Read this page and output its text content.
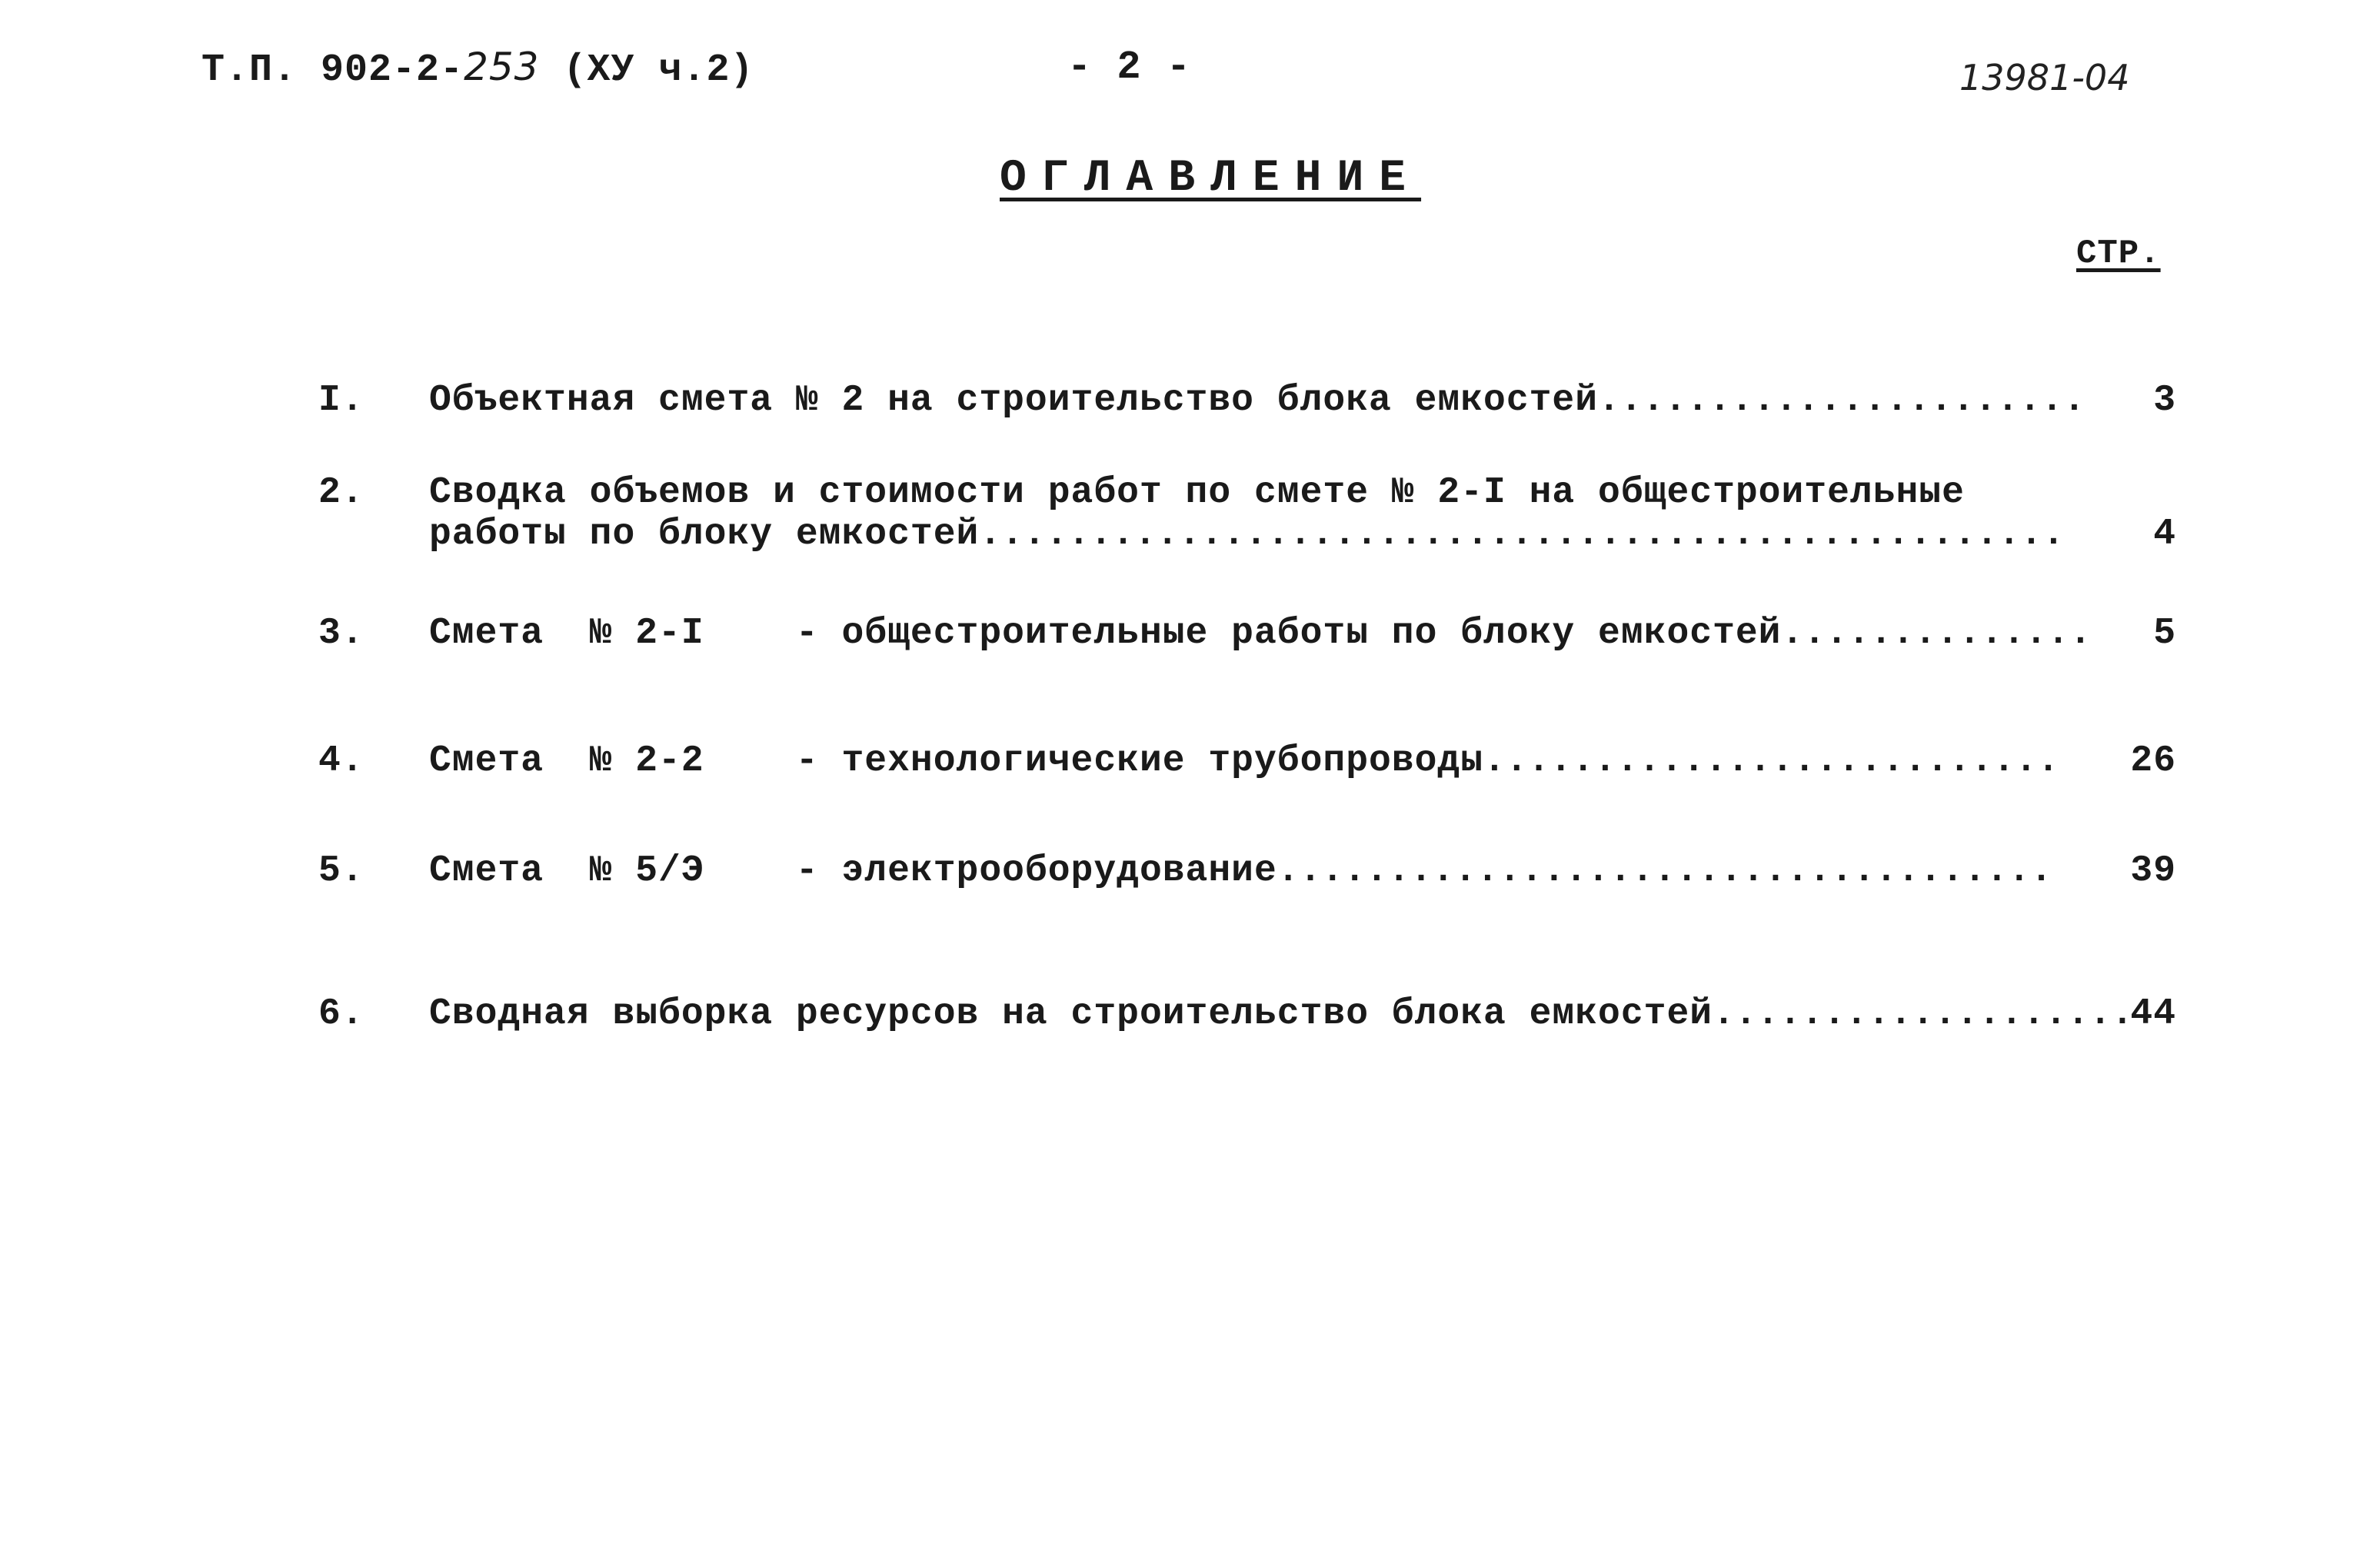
Т.П. 902-2-253 (ХУ ч.2)	- 2 -	13981-04
ОГЛАВЛЕНИЕ
СТР.
I. Объектная смета № 2 на строительство блока емкостей...................... 3
2. Сводка объемов и стоимости работ по смете № 2-I на общестроительные
работы по блоку емкостей................................................. 4
3. Смета  № 2-I    - общестроительные работы по блоку емкостей.............. 5
4. Смета  № 2-2    - технологические трубопроводы.......................... 26
5. Смета  № 5/Э    - электрооборудование................................... 39
6. Сводная выборка ресурсов на строительство блока емкостей...................
44
